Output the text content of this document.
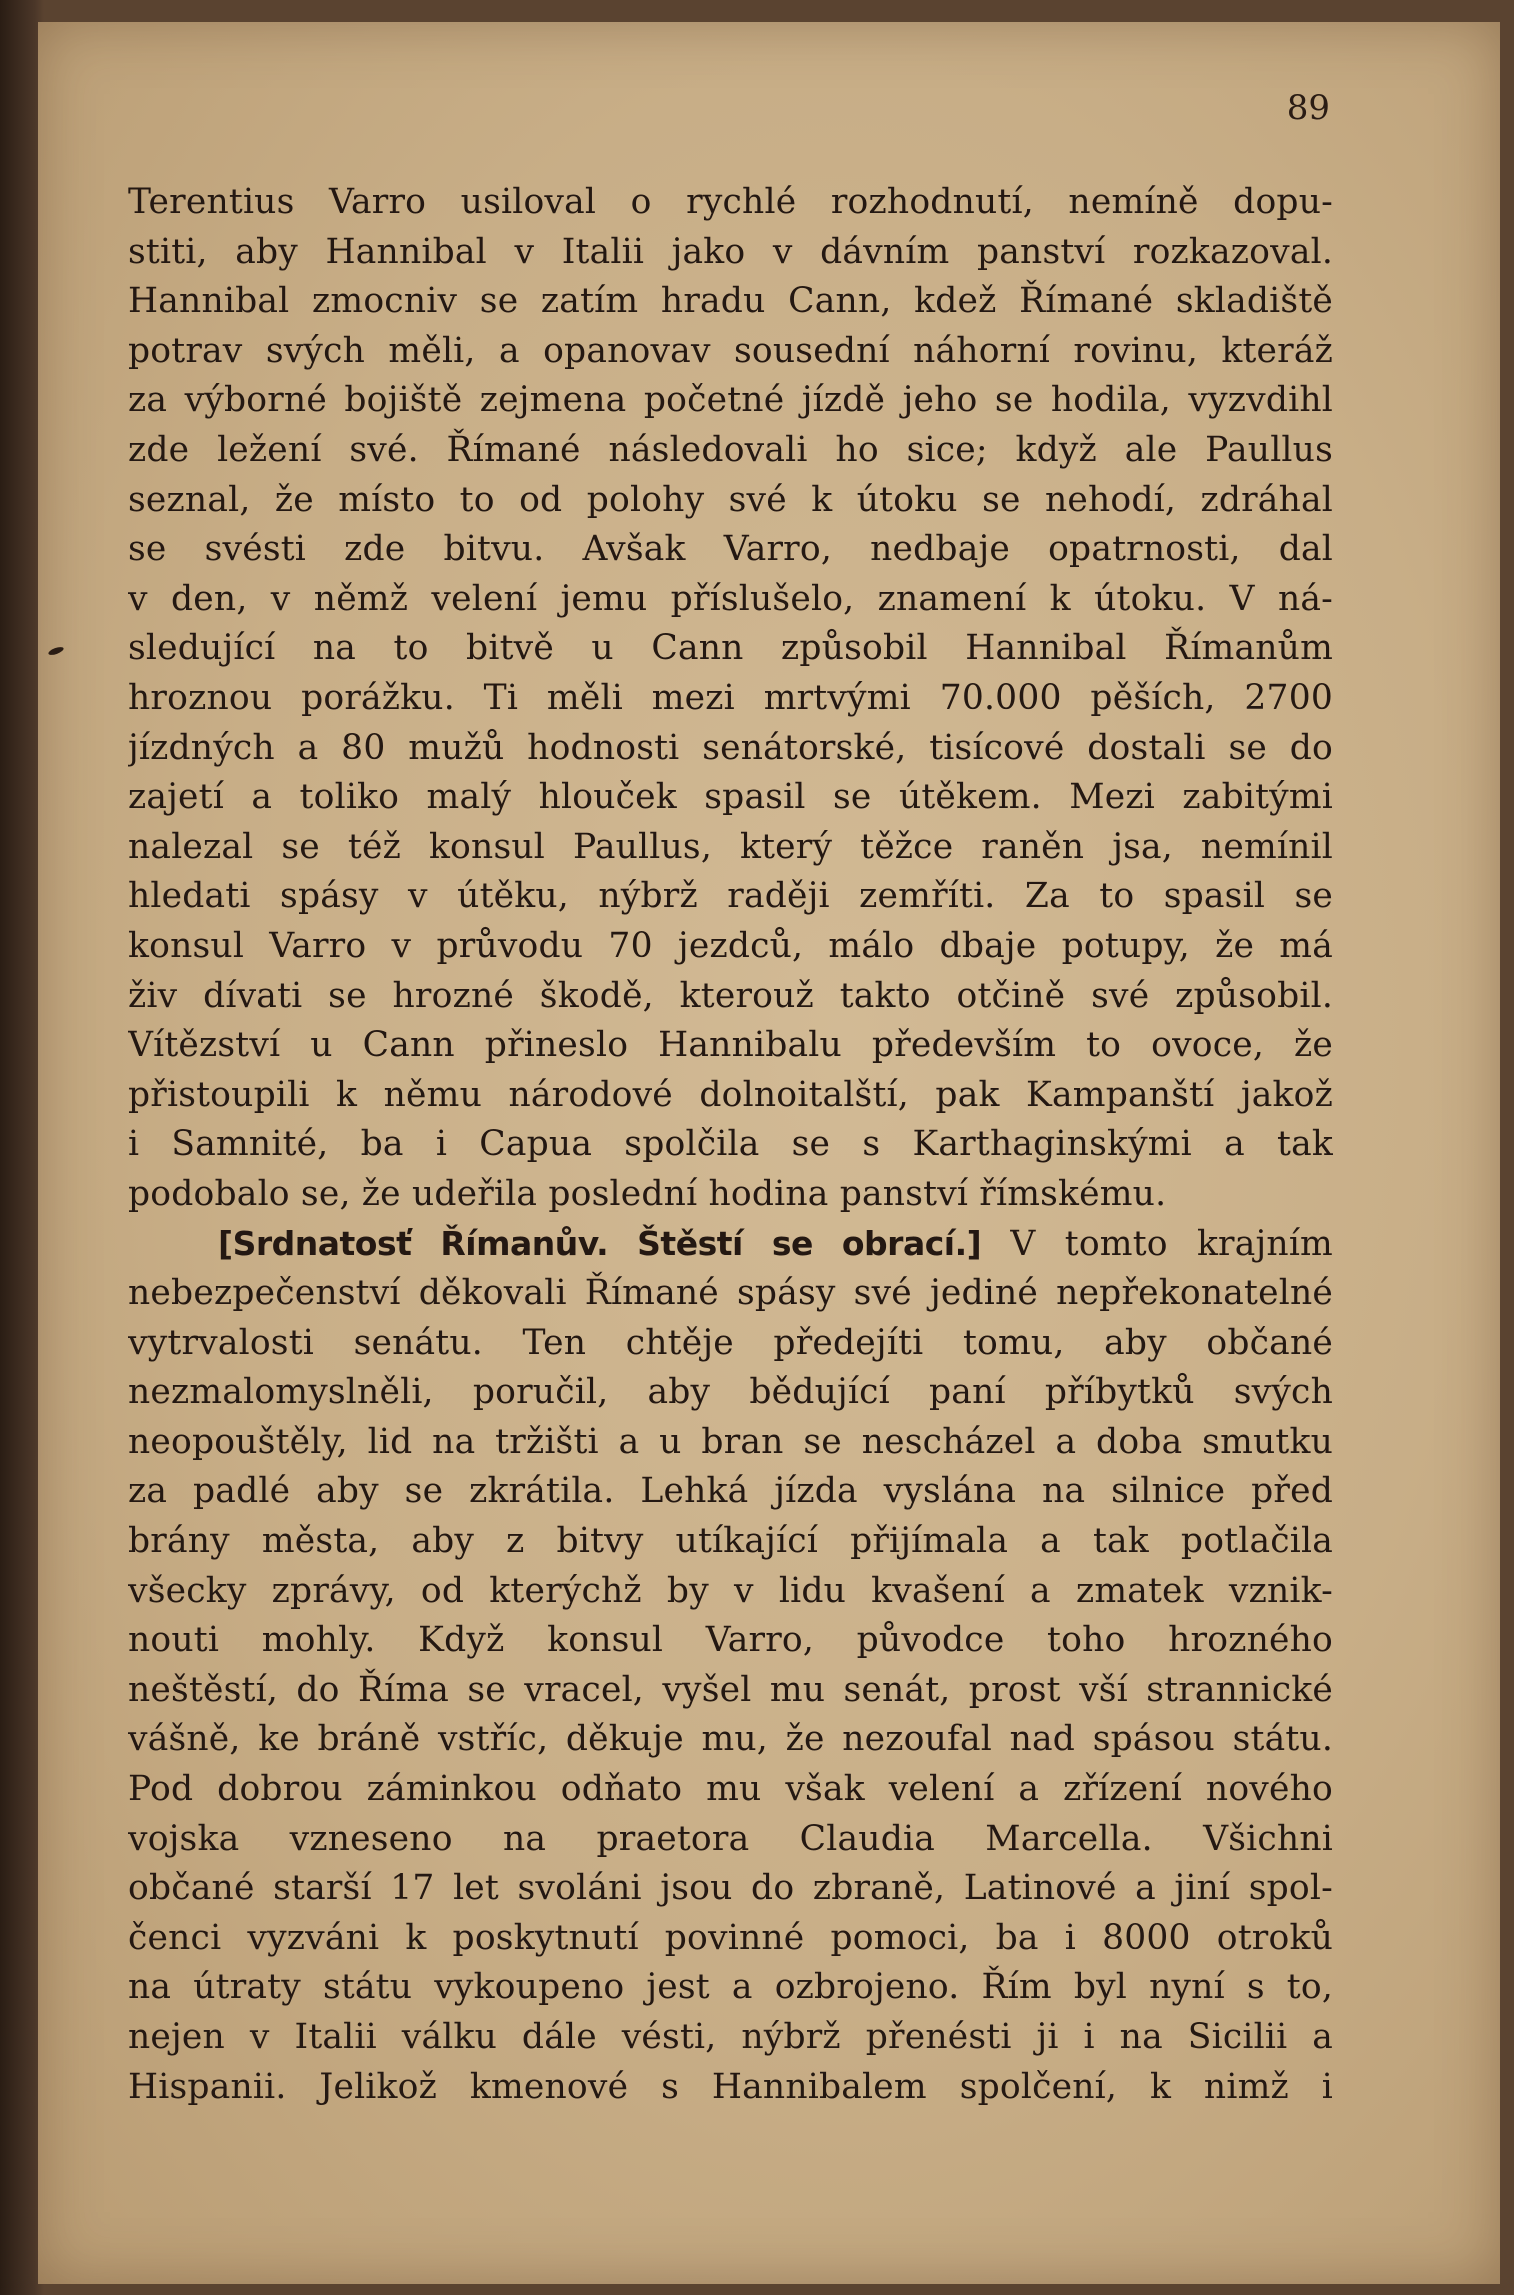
89
Terentius Varro usiloval o rychlé rozhodnutí, nemíně dopu-
stiti, aby Hannibal v Italii jako v dávním panství rozkazoval.
Hannibal zmocniv se zatím hradu Cann, kdež Římané skladiště
potrav svých měli, a opanovav sousední náhorní rovinu, kteráž
za výborné bojiště zejmena početné jízdě jeho se hodila, vyzvdihl
zde ležení své. Římané následovali ho sice; když ale Paullus
seznal, že místo to od polohy své k útoku se nehodí, zdráhal
se svésti zde bitvu. Avšak Varro, nedbaje opatrnosti, dal
v den, v němž velení jemu příslušelo, znamení k útoku. V ná-
sledující na to bitvě u Cann způsobil Hannibal Římanům
hroznou porážku. Ti měli mezi mrtvými 70.000 pěších, 2700
jízdných a 80 mužů hodnosti senátorské, tisícové dostali se do
zajetí a toliko malý hlouček spasil se útěkem. Mezi zabitými
nalezal se též konsul Paullus, který těžce raněn jsa, nemínil
hledati spásy v útěku, nýbrž raději zemříti. Za to spasil se
konsul Varro v průvodu 70 jezdců, málo dbaje potupy, že má
živ dívati se hrozné škodě, kterouž takto otčině své způsobil.
Vítězství u Cann přineslo Hannibalu především to ovoce, že
přistoupili k němu národové dolnoitalští, pak Kampanští jakož
i Samnité, ba i Capua spolčila se s Karthaginskými a tak
podobalo se, že udeřila poslední hodina panství římskému.
[Srdnatosť Římanův. Štěstí se obrací.] V tomto krajním
nebezpečenství děkovali Římané spásy své jediné nepřekonatelné
vytrvalosti senátu. Ten chtěje předejíti tomu, aby občané
nezmalomyslněli, poručil, aby bědující paní příbytků svých
neopouštěly, lid na tržišti a u bran se nescházel a doba smutku
za padlé aby se zkrátila. Lehká jízda vyslána na silnice před
brány města, aby z bitvy utíkající přijímala a tak potlačila
všecky zprávy, od kterýchž by v lidu kvašení a zmatek vznik-
nouti mohly. Když konsul Varro, původce toho hrozného
neštěstí, do Říma se vracel, vyšel mu senát, prost vší strannické
vášně, ke bráně vstříc, děkuje mu, že nezoufal nad spásou státu.
Pod dobrou záminkou odňato mu však velení a zřízení nového
vojska vzneseno na praetora Claudia Marcella. Všichni
občané starší 17 let svoláni jsou do zbraně, Latinové a jiní spol-
čenci vyzváni k poskytnutí povinné pomoci, ba i 8000 otroků
na útraty státu vykoupeno jest a ozbrojeno. Řím byl nyní s to,
nejen v Italii válku dále vésti, nýbrž přenésti ji i na Sicilii a
Hispanii. Jelikož kmenové s Hannibalem spolčení, k nimž i
